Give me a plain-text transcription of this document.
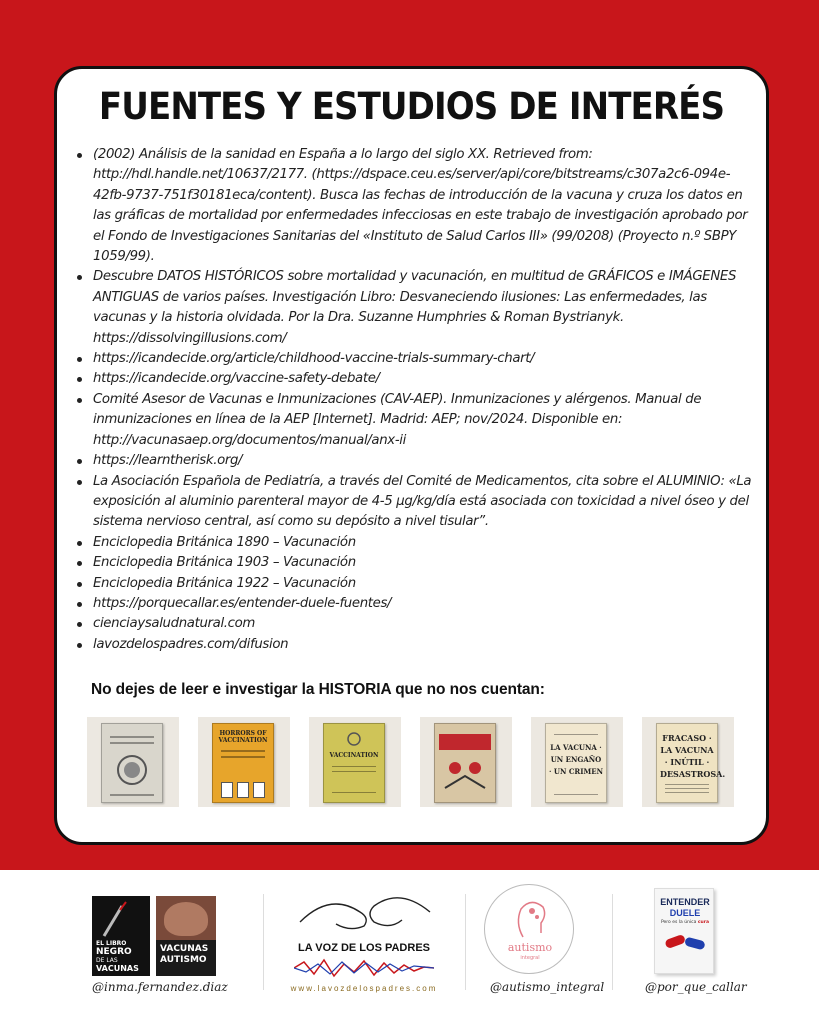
FUENTES Y ESTUDIOS DE INTERÉS
(2002) Análisis de la sanidad en España a lo largo del siglo XX. Retrieved from: http://hdl.handle.net/10637/2177. (https://dspace.ceu.es/server/api/core/bitstreams/c307a2c6-094e-42fb-9737-751f30181eca/content). Busca las fechas de introducción de la vacuna y cruza los datos en las gráficas de mortalidad por enfermedades infecciosas en este trabajo de investigación aprobado por el Fondo de Investigaciones Sanitarias del «Instituto de Salud Carlos III» (99/0208) (Proyecto n.º SBPY 1059/99).
Descubre DATOS HISTÓRICOS sobre mortalidad y vacunación, en multitud de GRÁFICOS e IMÁGENES ANTIGUAS de varios países. Investigación Libro: Desvaneciendo ilusiones: Las enfermedades, las vacunas y la historia olvidada. Por la Dra. Suzanne Humphries & Roman Bystrianyk. https://dissolvingillusions.com/
https://icandecide.org/article/childhood-vaccine-trials-summary-chart/
https://icandecide.org/vaccine-safety-debate/
Comité Asesor de Vacunas e Inmunizaciones (CAV-AEP). Inmunizaciones y alérgenos. Manual de inmunizaciones en línea de la AEP [Internet]. Madrid: AEP; nov/2024. Disponible en: http://vacunasaep.org/documentos/manual/anx-ii
https://learntherisk.org/
La Asociación Española de Pediatría, a través del Comité de Medicamentos, cita sobre el ALUMINIO: «La exposición al aluminio parenteral mayor de 4-5 μg/kg/día está asociada con toxicidad a nivel óseo y del sistema nervioso central, así como su depósito a nivel tisular”.
Enciclopedia Británica 1890 – Vacunación
Enciclopedia Británica 1903 – Vacunación
Enciclopedia Británica 1922 – Vacunación
https://porquecallar.es/entender-duele-fuentes/
cienciaysaludnatural.com
lavozdelospadres.com/difusion
No dejes de leer e investigar la HISTORIA que no nos cuentan:
HORRORS OF VACCINATION
VACCINATION
LA VACUNA · UN ENGAÑO · UN CRIMEN
FRACASO · LA VACUNA · INÚTIL · DESASTROSA.
EL LIBRO
NEGRO
DE LAS
VACUNAS
VACUNAS
AUTISMO
@inma.fernandez.diaz
LA VOZ DE LOS PADRES
www.lavozdelospadres.com
autismo
integral
@autismo_integral
ENTENDER
DUELE
Pero es la única cura
@por_que_callar
